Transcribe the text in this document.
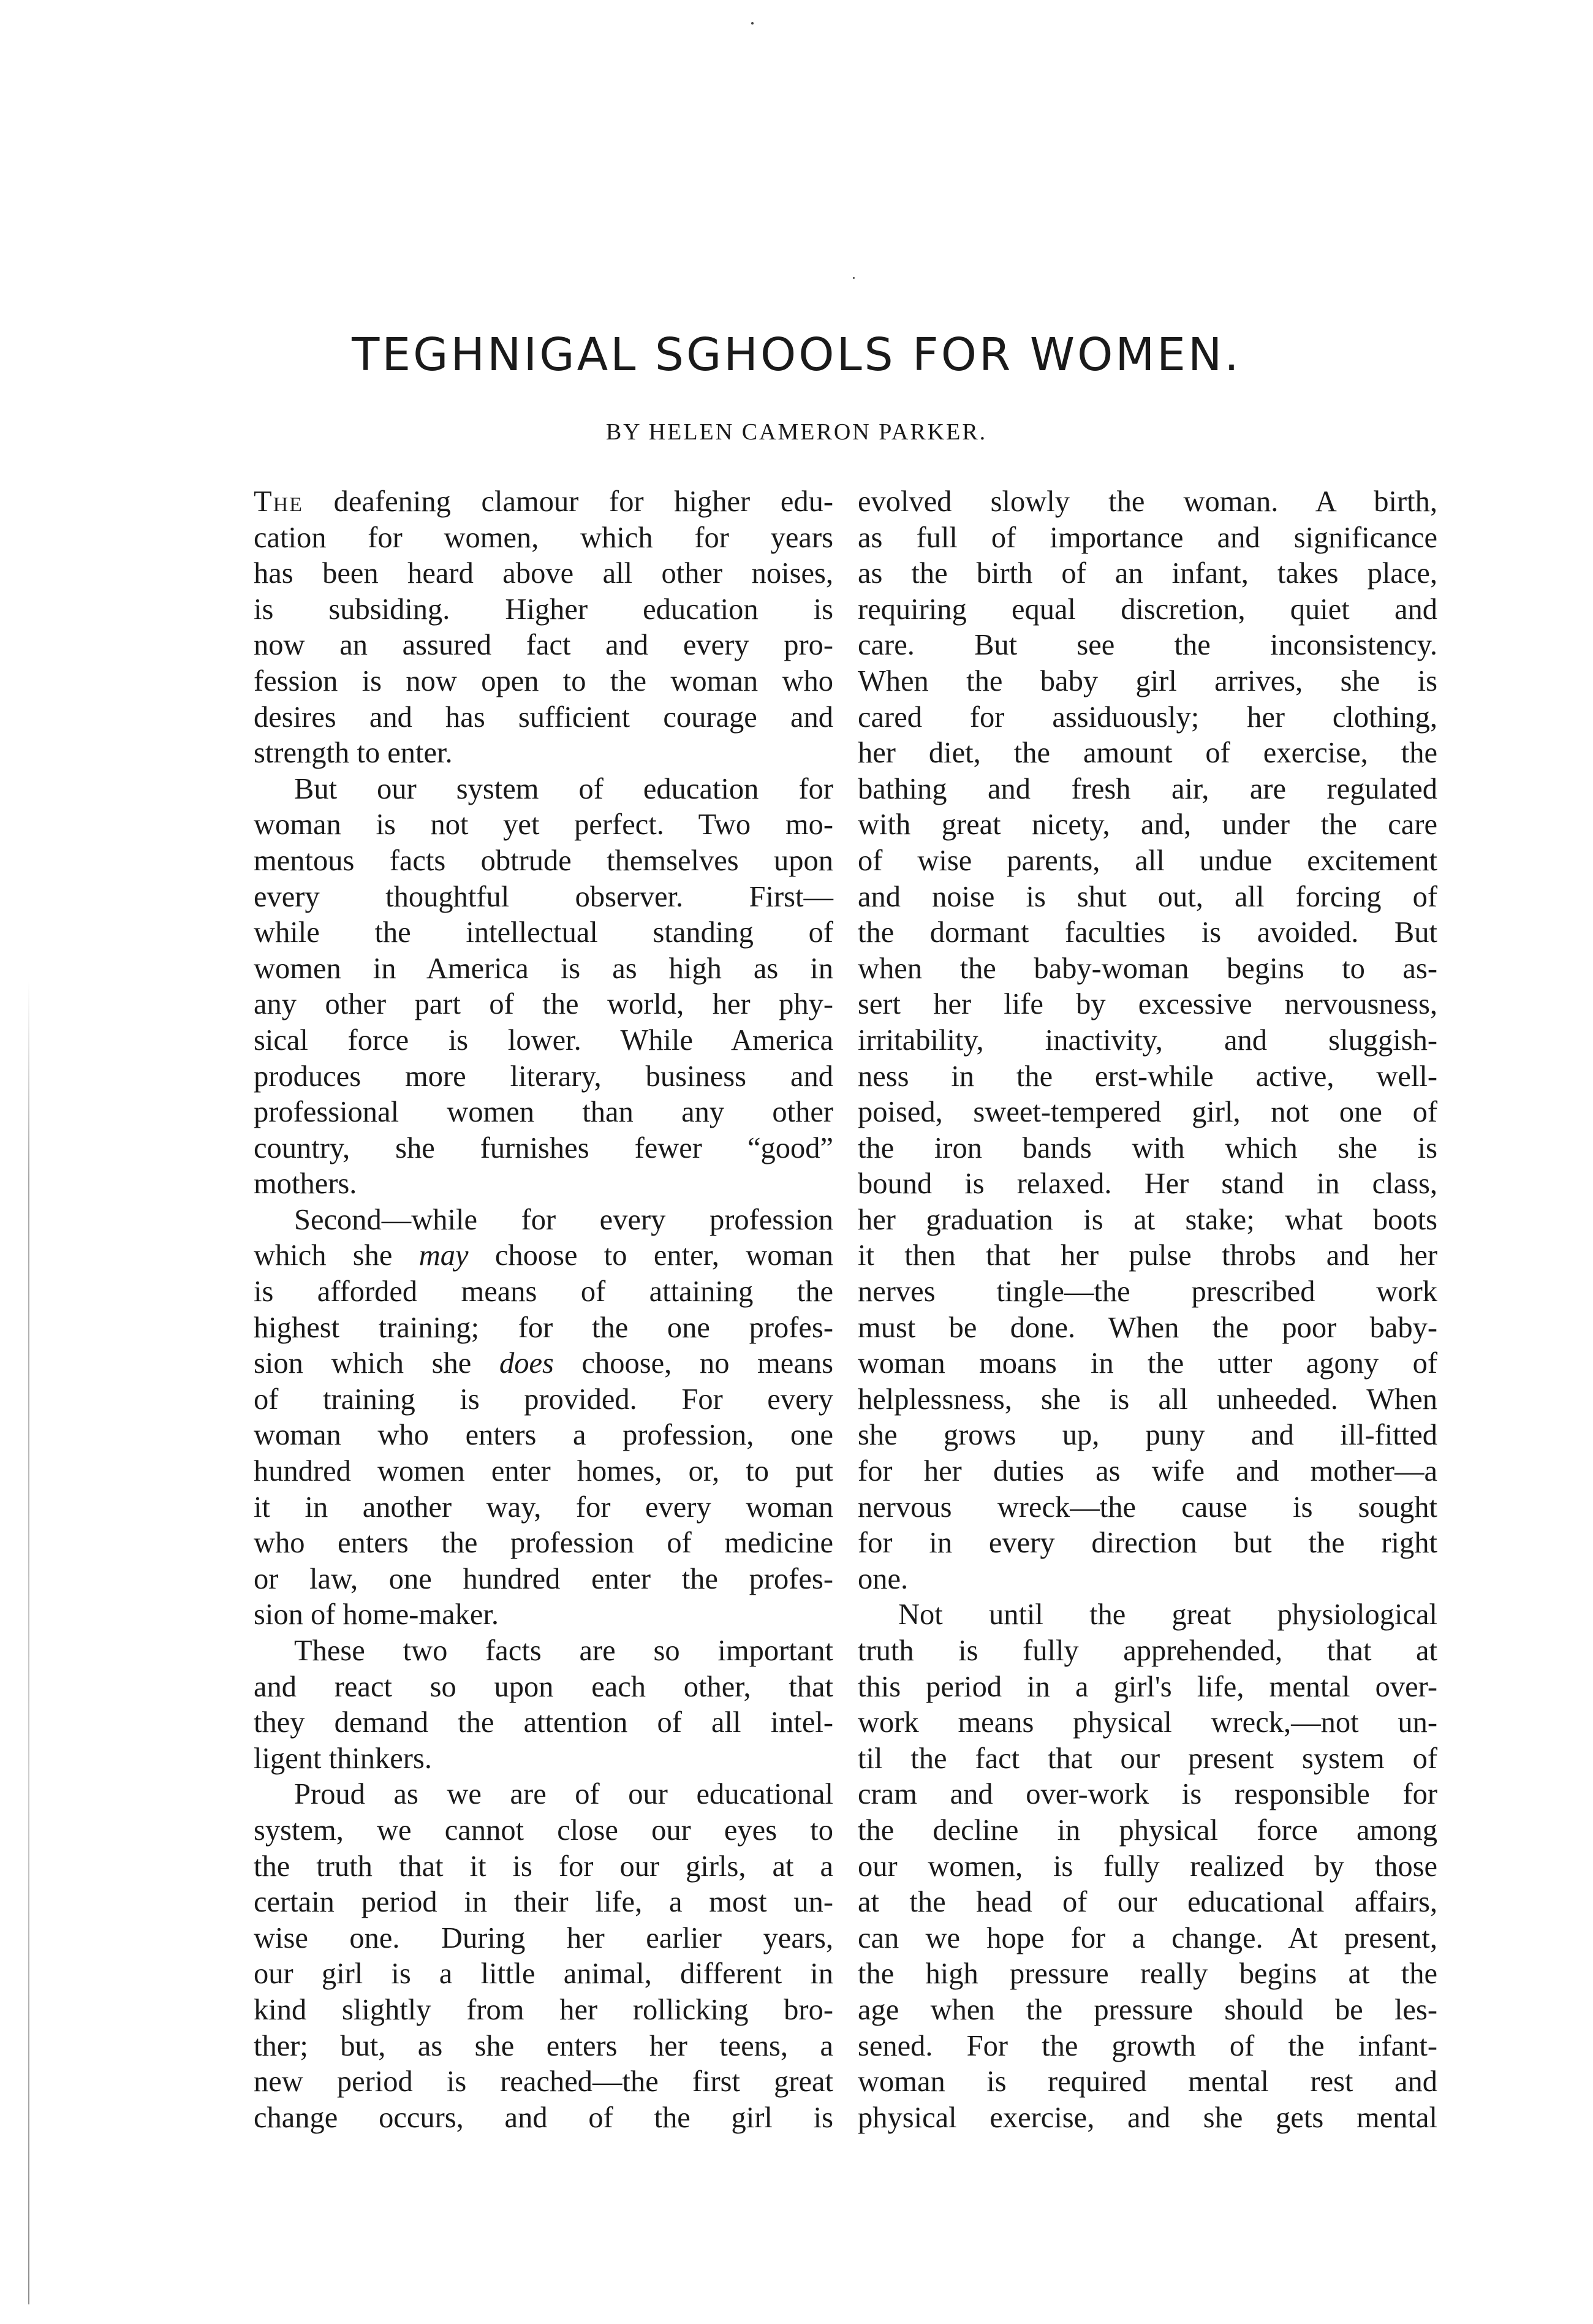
TEGHNIGAL SGHOOLS FOR WOMEN.

BY HELEN CAMERON PARKER.

The deafening clamour for higher edu-
cation for women, which for years
has been heard above all other noises,
is subsiding. Higher education is
now an assured fact and every pro-
fession is now open to the woman who
desires and has sufficient courage and
strength to enter.
But our system of education for
woman is not yet perfect. Two mo-
mentous facts obtrude themselves upon
every thoughtful observer. First—
while the intellectual standing of
women in America is as high as in
any other part of the world, her phy-
sical force is lower. While America
produces more literary, business and
professional women than any other
country, she furnishes fewer “good”
mothers.
Second—while for every profession
which she may choose to enter, woman
is afforded means of attaining the
highest training; for the one profes-
sion which she does choose, no means
of training is provided. For every
woman who enters a profession, one
hundred women enter homes, or, to put
it in another way, for every woman
who enters the profession of medicine
or law, one hundred enter the profes-
sion of home-maker.
These two facts are so important
and react so upon each other, that
they demand the attention of all intel-
ligent thinkers.
Proud as we are of our educational
system, we cannot close our eyes to
the truth that it is for our girls, at a
certain period in their life, a most un-
wise one. During her earlier years,
our girl is a little animal, different in
kind slightly from her rollicking bro-
ther; but, as she enters her teens, a
new period is reached—the first great
change occurs, and of the girl is
evolved slowly the woman. A birth,
as full of importance and significance
as the birth of an infant, takes place,
requiring equal discretion, quiet and
care. But see the inconsistency.
When the baby girl arrives, she is
cared for assiduously; her clothing,
her diet, the amount of exercise, the
bathing and fresh air, are regulated
with great nicety, and, under the care
of wise parents, all undue excitement
and noise is shut out, all forcing of
the dormant faculties is avoided. But
when the baby-woman begins to as-
sert her life by excessive nervousness,
irritability, inactivity, and sluggish-
ness in the erst-while active, well-
poised, sweet-tempered girl, not one of
the iron bands with which she is
bound is relaxed. Her stand in class,
her graduation is at stake; what boots
it then that her pulse throbs and her
nerves tingle—the prescribed work
must be done. When the poor baby-
woman moans in the utter agony of
helplessness, she is all unheeded. When
she grows up, puny and ill-fitted
for her duties as wife and mother—a
nervous wreck—the cause is sought
for in every direction but the right
one.
Not until the great physiological
truth is fully apprehended, that at
this period in a girl's life, mental over-
work means physical wreck,—not un-
til the fact that our present system of
cram and over-work is responsible for
the decline in physical force among
our women, is fully realized by those
at the head of our educational affairs,
can we hope for a change. At present,
the high pressure really begins at the
age when the pressure should be les-
sened. For the growth of the infant-
woman is required mental rest and
physical exercise, and she gets mental
